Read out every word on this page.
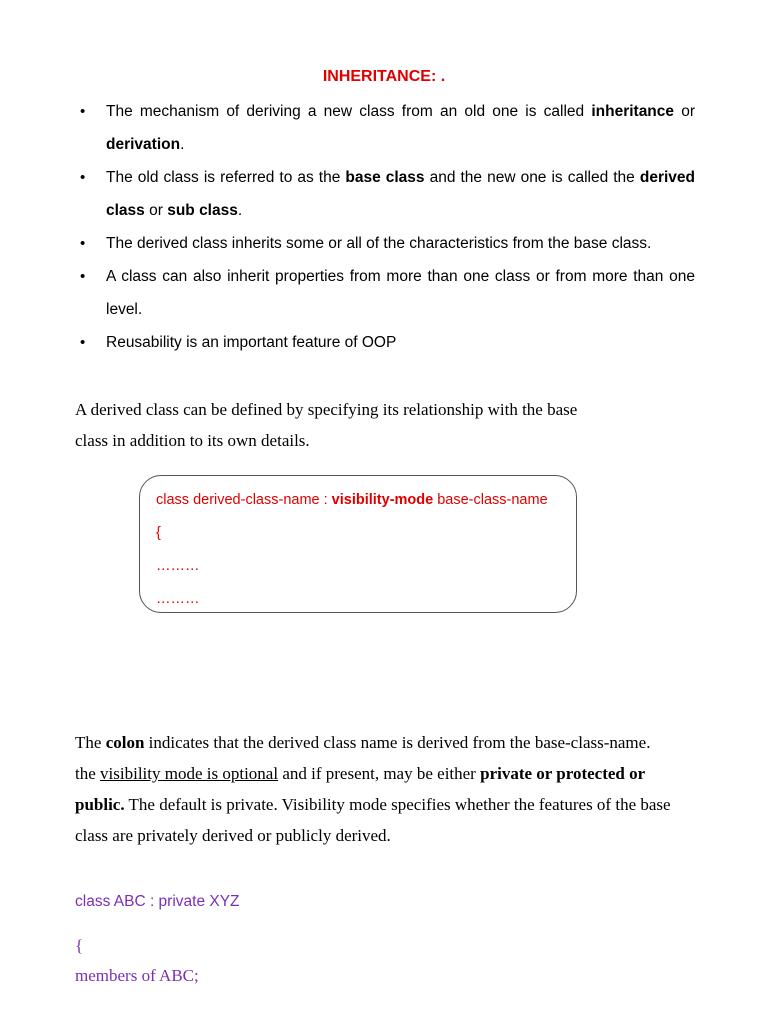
INHERITANCE: .
• The mechanism of deriving a new class from an old one is called inheritance or derivation.
• The old class is referred to as the base class and the new one is called the derived class or sub class.
• The derived class inherits some or all of the characteristics from the base class.
• A class can also inherit properties from more than one class or from more than one level.
• Reusability is an important feature of OOP
A derived class can be defined by specifying its relationship with the base
class in addition to its own details.
class derived-class-name : visibility-mode base-class-name
{
………
………
The colon indicates that the derived class name is derived from the base-class-name.
the visibility mode is optional and if present, may be either private or protected or public. The default is private. Visibility mode specifies whether the features of the base class are privately derived or publicly derived.
class ABC : private XYZ
{
members of ABC;
